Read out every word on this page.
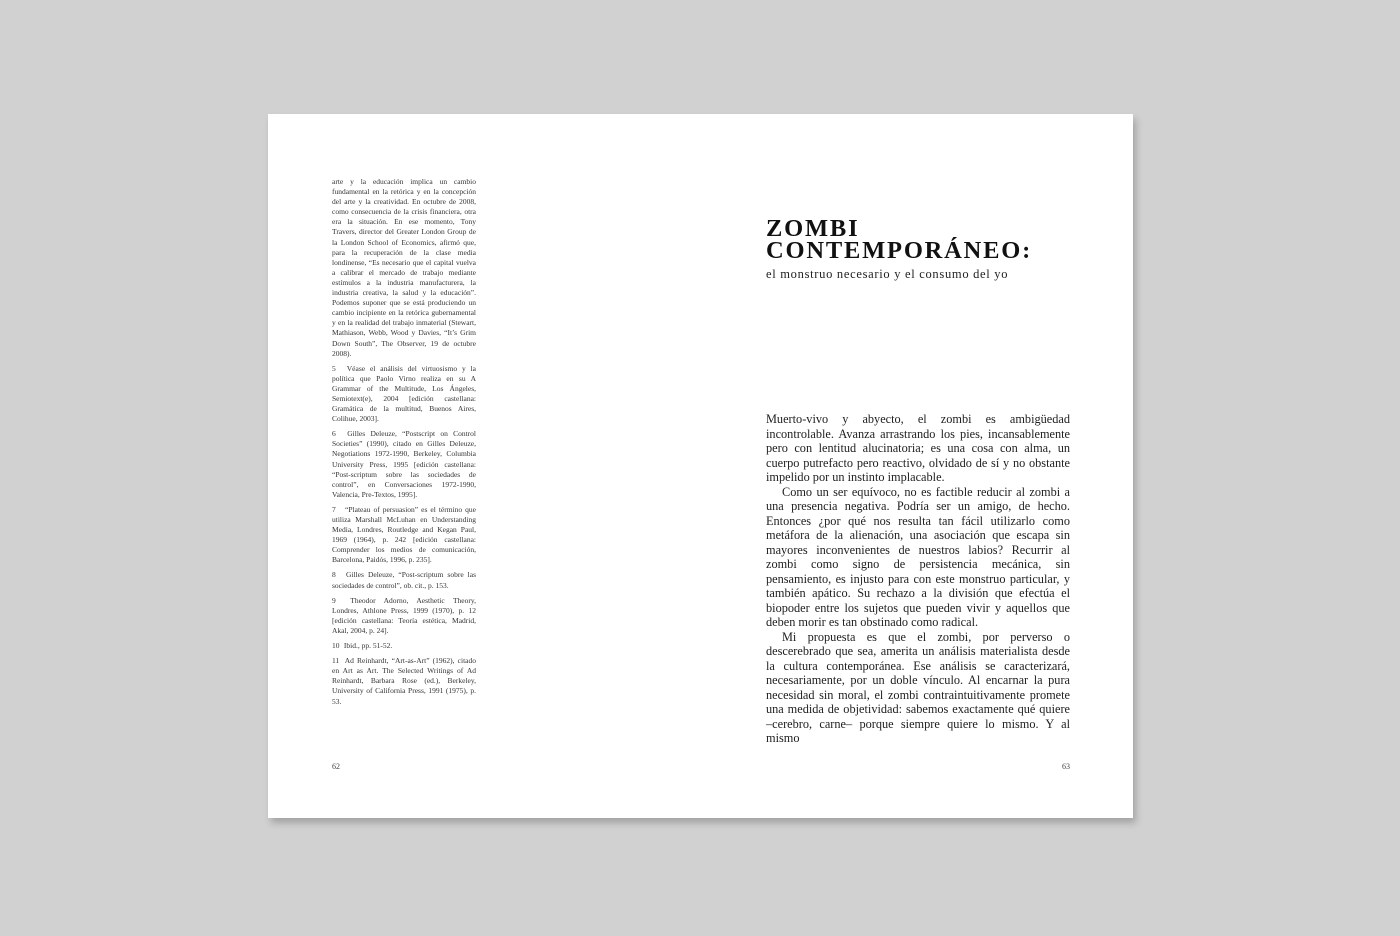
arte y la educación implica un cambio fundamental en la retórica y en la concepción del arte y la creatividad. En octubre de 2008, como consecuencia de la crisis financiera, otra era la situación. En ese momento, Tony Travers, director del Greater London Group de la London School of Economics, afirmó que, para la recuperación de la clase media londinense, “Es necesario que el capital vuelva a calibrar el mercado de trabajo mediante estímulos a la industria manufacturera, la industria creativa, la salud y la educación”. Podemos suponer que se está produciendo un cambio incipiente en la retórica gubernamental y en la realidad del trabajo inmaterial (Stewart, Mathiason, Webb, Wood y Davies, “It’s Grim Down South”, The Observer, 19 de octubre 2008).

5 Véase el análisis del virtuosismo y la política que Paolo Virno realiza en su A Grammar of the Multitude, Los Ángeles, Semiotext(e), 2004 [edición castellana: Gramática de la multitud, Buenos Aires, Colihue, 2003].

6 Gilles Deleuze, “Postscript on Control Societies” (1990), citado en Gilles Deleuze, Negotiations 1972-1990, Berkeley, Columbia University Press, 1995 [edición castellana: “Post-scriptum sobre las sociedades de control”, en Conversaciones 1972-1990, Valencia, Pre-Textos, 1995].

7 “Plateau of persuasion” es el término que utiliza Marshall McLuhan en Understanding Media, Londres, Routledge and Kegan Paul, 1969 (1964), p. 242 [edición castellana: Comprender los medios de comunicación, Barcelona, Paidós, 1996, p. 235].

8 Gilles Deleuze, “Post-scriptum sobre las sociedades de control”, ob. cit., p. 153.

9 Theodor Adorno, Aesthetic Theory, Londres, Athlone Press, 1999 (1970), p. 12 [edición castellana: Teoría estética, Madrid, Akal, 2004, p. 24].

10 Ibid., pp. 51-52.

11 Ad Reinhardt, “Art-as-Art” (1962), citado en Art as Art. The Selected Writings of Ad Reinhardt, Barbara Rose (ed.), Berkeley, University of California Press, 1991 (1975), p. 53.

62
ZOMBI
CONTEMPORÁNEO:
el monstruo necesario y el consumo del yo

Muerto-vivo y abyecto, el zombi es ambigüedad incontrolable. Avanza arrastrando los pies, incansablemente pero con lentitud alucinatoria; es una cosa con alma, un cuerpo putrefacto pero reactivo, olvidado de sí y no obstante impelido por un instinto implacable.

Como un ser equívoco, no es factible reducir al zombi a una presencia negativa. Podría ser un amigo, de hecho. Entonces ¿por qué nos resulta tan fácil utilizarlo como metáfora de la alienación, una asociación que escapa sin mayores inconvenientes de nuestros labios? Recurrir al zombi como signo de persistencia mecánica, sin pensamiento, es injusto para con este monstruo particular, y también apático. Su rechazo a la división que efectúa el biopoder entre los sujetos que pueden vivir y aquellos que deben morir es tan obstinado como radical.

Mi propuesta es que el zombi, por perverso o descerebrado que sea, amerita un análisis materialista desde la cultura contemporánea. Ese análisis se caracterizará, necesariamente, por un doble vínculo. Al encarnar la pura necesidad sin moral, el zombi contraintuitivamente promete una medida de objetividad: sabemos exactamente qué quiere –cerebro, carne– porque siempre quiere lo mismo. Y al mismo

63
